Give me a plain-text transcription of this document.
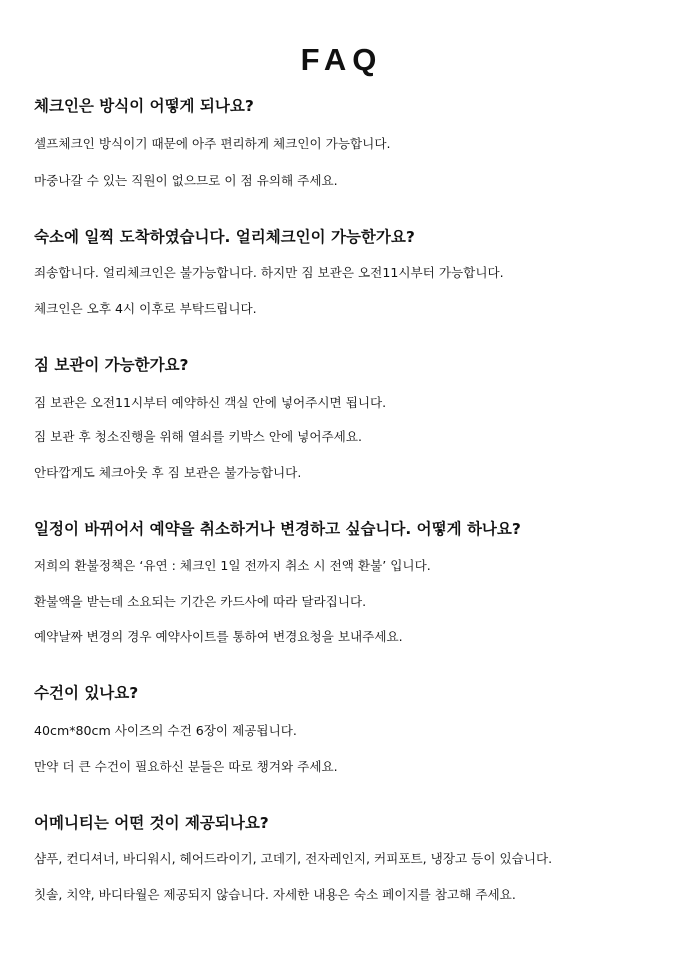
FAQ
체크인은 방식이 어떻게 되나요?
셀프체크인 방식이기 때문에 아주 편리하게 체크인이 가능합니다.
마중나갈 수 있는 직원이 없으므로 이 점 유의해 주세요.
숙소에 일찍 도착하였습니다. 얼리체크인이 가능한가요?
죄송합니다. 얼리체크인은 불가능합니다. 하지만 짐 보관은 오전11시부터 가능합니다.
체크인은 오후 4시 이후로 부탁드립니다.
짐 보관이 가능한가요?
짐 보관은 오전11시부터 예약하신 객실 안에 넣어주시면 됩니다.
짐 보관 후 청소진행을 위해 열쇠를 키박스 안에 넣어주세요.
안타깝게도 체크아웃 후 짐 보관은 불가능합니다.
일정이 바뀌어서 예약을 취소하거나 변경하고 싶습니다. 어떻게 하나요?
저희의 환불정책은 ‘유연 : 체크인 1일 전까지 취소 시 전액 환불’ 입니다.
환불액을 받는데 소요되는 기간은 카드사에 따라 달라집니다.
예약날짜 변경의 경우 예약사이트를 통하여 변경요청을 보내주세요.
수건이 있나요?
40cm*80cm 사이즈의 수건 6장이 제공됩니다.
만약 더 큰 수건이 필요하신 분들은 따로 챙겨와 주세요.
어메니티는 어떤 것이 제공되나요?
샴푸, 컨디셔너, 바디워시, 헤어드라이기, 고데기, 전자레인지, 커피포트, 냉장고 등이 있습니다.
칫솔, 치약, 바디타월은 제공되지 않습니다. 자세한 내용은 숙소 페이지를 참고해 주세요.
